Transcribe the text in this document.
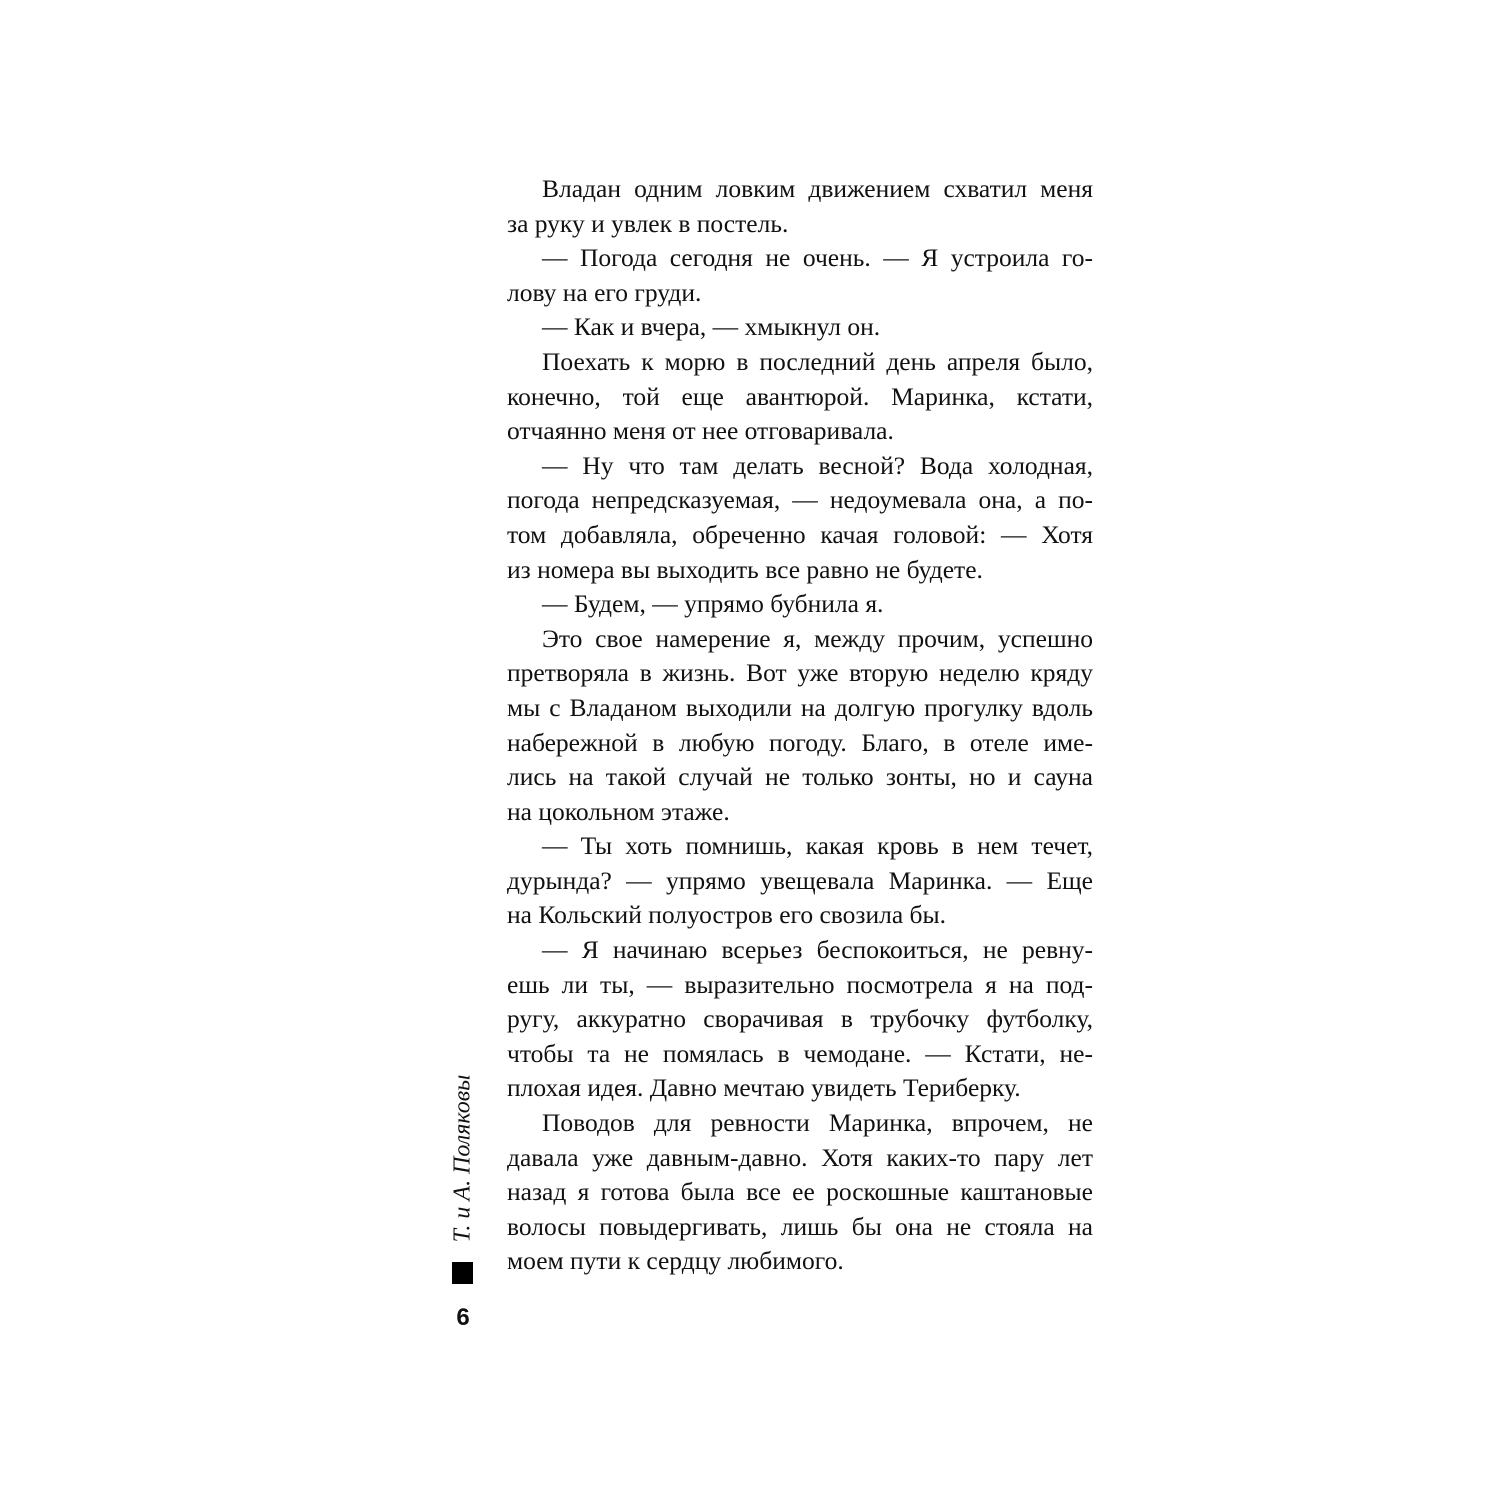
Владан одним ловким движением схватил меня
за руку и увлек в постель.
— Погода сегодня не очень. — Я устроила го-
лову на его груди.
— Как и вчера, — хмыкнул он.
Поехать к морю в последний день апреля было,
конечно, той еще авантюрой. Маринка, кстати,
отчаянно меня от нее отговаривала.
— Ну что там делать весной? Вода холодная,
погода непредсказуемая, — недоумевала она, а по-
том добавляла, обреченно качая головой: — Хотя
из номера вы выходить все равно не будете.
— Будем, — упрямо бубнила я.
Это свое намерение я, между прочим, успешно
претворяла в жизнь. Вот уже вторую неделю кряду
мы с Владаном выходили на долгую прогулку вдоль
набережной в любую погоду. Благо, в отеле име-
лись на такой случай не только зонты, но и сауна
на цокольном этаже.
— Ты хоть помнишь, какая кровь в нем течет,
дурында? — упрямо увещевала Маринка. — Еще
на Кольский полуостров его свозила бы.
— Я начинаю всерьез беспокоиться, не ревну-
ешь ли ты, — выразительно посмотрела я на под-
ругу, аккуратно сворачивая в трубочку футболку,
чтобы та не помялась в чемодане. — Кстати, не-
плохая идея. Давно мечтаю увидеть Териберку.
Поводов для ревности Маринка, впрочем, не
давала уже давным-давно. Хотя каких-то пару лет
назад я готова была все ее роскошные каштановые
волосы повыдергивать, лишь бы она не стояла на
моем пути к сердцу любимого.
Т. и А. Поляковы
6
